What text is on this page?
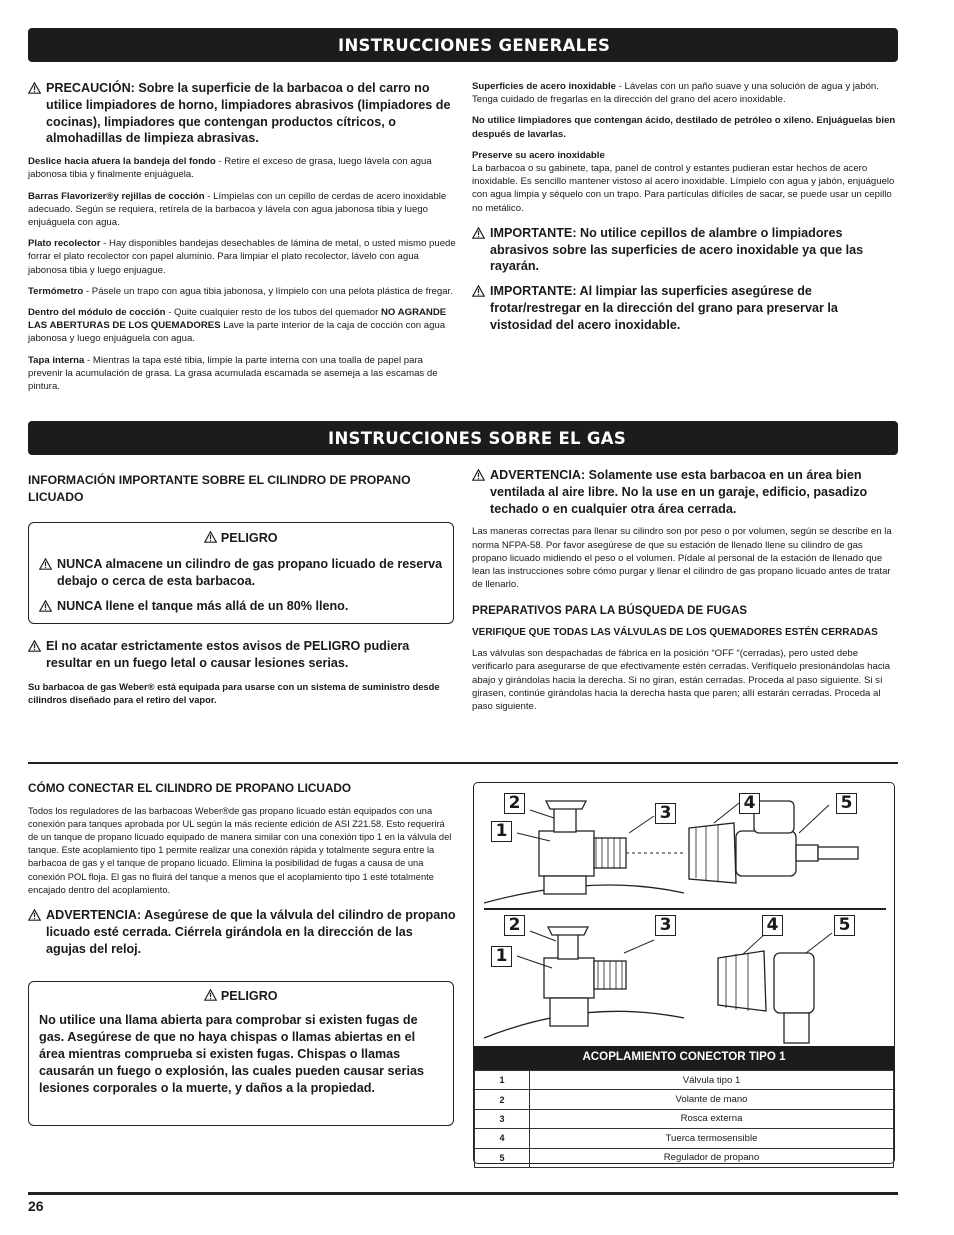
INSTRUCCIONES GENERALES
PRECAUCIÓN: Sobre la superficie de la barbacoa o del carro no utilice limpiadores de horno, limpiadores abrasivos (limpiadores de cocinas), limpiadores que contengan productos cítricos, o almohadillas de limpieza abrasivas.
Deslice hacia afuera la bandeja del fondo - Retire el exceso de grasa, luego lávela con agua jabonosa tibia y finalmente enjuáguela.
Barras Flavorizer®y rejillas de cocción - Límpielas con un cepillo de cerdas de acero inoxidable adecuado. Según se requiera, retírela de la barbacoa y lávela con agua jabonosa tibia y luego enjuáguela con agua.
Plato recolector - Hay disponibles bandejas desechables de lámina de metal, o usted mismo puede forrar el plato recolector con papel aluminio. Para limpiar el plato recolector, lávelo con agua jabonosa tibia y luego enjuague.
Termómetro - Pásele un trapo con agua tibia jabonosa, y límpielo con una pelota plástica de fregar.
Dentro del módulo de cocción - Quite cualquier resto de los tubos del quemador NO AGRANDE LAS ABERTURAS DE LOS QUEMADORES Lave la parte interior de la caja de cocción con agua jabonosa y luego enjuáguela con agua.
Tapa interna - Mientras la tapa esté tibia, limpie la parte interna con una toalla de papel para prevenir la acumulación de grasa. La grasa acumulada escamada se asemeja a las escamas de pintura.
Superficies de acero inoxidable - Lávelas con un paño suave y una solución de agua y jabón. Tenga cuidado de fregarlas en la dirección del grano del acero inoxidable.
No utilice limpiadores que contengan ácido, destilado de petróleo o xileno. Enjuáguelas bien después de lavarlas.
Preserve su acero inoxidable
La barbacoa o su gabinete, tapa, panel de control y estantes pudieran estar hechos de acero inoxidable. Es sencillo mantener vistoso al acero inoxidable. Límpielo con agua y jabón, enjuáguelo con agua limpia y séquelo con un trapo. Para partículas difíciles de sacar, se puede usar un cepillo no metálico.
IMPORTANTE: No utilice cepillos de alambre o limpiadores abrasivos sobre las superficies de acero inoxidable ya que las rayarán.
IMPORTANTE: Al limpiar las superficies asegúrese de frotar/restregar en la dirección del grano para preservar la vistosidad del acero inoxidable.
INSTRUCCIONES SOBRE EL GAS
INFORMACIÓN IMPORTANTE SOBRE EL CILINDRO DE PROPANO LICUADO
PELIGRO
NUNCA almacene un cilindro de gas propano licuado de reserva debajo o cerca de esta barbacoa.
NUNCA llene el tanque más allá de un 80% lleno.
El no acatar estrictamente estos avisos de PELIGRO pudiera resultar en un fuego letal o causar lesiones serias.
Su barbacoa de gas Weber® está equipada para usarse con un sistema de suministro desde cilindros diseñado para el retiro del vapor.
ADVERTENCIA: Solamente use esta barbacoa en un área bien ventilada al aire libre. No la use en un garaje, edificio, pasadizo techado o en cualquier otra área cerrada.
Las maneras correctas para llenar su cilindro son por peso o por volumen, según se describe en la norma NFPA-58. Por favor asegúrese de que su estación de llenado llene su cilindro de gas propano licuado midiendo el peso o el volumen. Pídale al personal de la estación de llenado que lean las instrucciones sobre cómo purgar y llenar el cilindro de gas propano licuado antes de tratar de llenarlo.
PREPARATIVOS PARA LA BÚSQUEDA DE FUGAS
VERIFIQUE QUE TODAS LAS VÁLVULAS DE LOS QUEMADORES ESTÉN CERRADAS
Las válvulas son despachadas de fábrica en la posición “OFF “(cerradas), pero usted debe verificarlo para asegurarse de que efectivamente estén cerradas. Verifíquelo presionándolas hacia abajo y girándolas hacia la derecha. Si no giran, están cerradas. Proceda al paso siguiente. Si sí girasen, continúe girándolas hacia la derecha hasta que paren; allí estarán cerradas. Proceda al paso siguiente.
CÓMO CONECTAR EL CILINDRO DE PROPANO LICUADO
Todos los reguladores de las barbacoas Weber®de gas propano licuado están equipados con una conexión para tanques aprobada por UL según la más reciente edición de ASI Z21.58. Esto requerirá de un tanque de propano licuado equipado de manera similar con una conexión tipo 1 en la válvula del tanque. Este acoplamiento tipo 1 permite realizar una conexión rápida y totalmente segura entre la barbacoa de gas y el tanque de propano licuado. Elimina la posibilidad de fugas a causa de una conexión POL floja. El gas no fluirá del tanque a menos que el acoplamiento tipo 1 esté totalmente encajado dentro del acoplamiento.
ADVERTENCIA: Asegúrese de que la válvula del cilindro de propano licuado esté cerrada. Ciérrela girándola en la dirección de las agujas del reloj.
PELIGRO
No utilice una llama abierta para comprobar si existen fugas de gas. Asegúrese de que no haya chispas o llamas abiertas en el área mientras comprueba si existen fugas. Chispas o llamas causarán un fuego o explosión, las cuales pueden causar serias lesiones corporales o la muerte, y daños a la propiedad.
2
1
3	4	5
2
1
3	4	5
ACOPLAMIENTO CONECTOR TIPO 1
1	Válvula tipo 1
2	Volante de mano
3	Rosca externa
4	Tuerca termosensible
5	Regulador de propano
26
